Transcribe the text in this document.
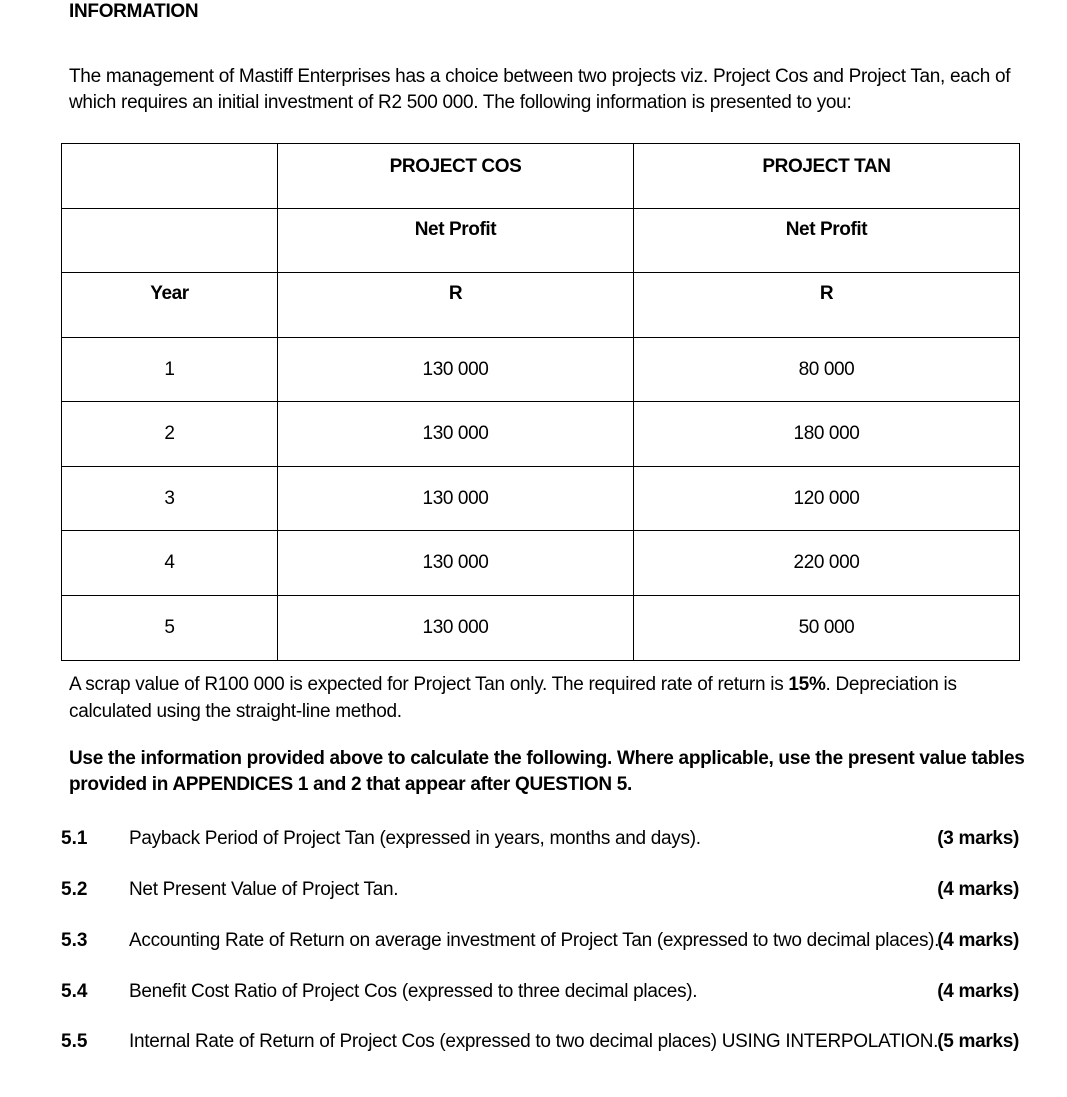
INFORMATION
The management of Mastiff Enterprises has a choice between two projects viz. Project Cos and Project Tan, each of which requires an initial investment of R2 500 000. The following information is presented to you:
	PROJECT COS	PROJECT TAN
	Net Profit	Net Profit
Year	R	R
1	130 000	80 000
2	130 000	180 000
3	130 000	120 000
4	130 000	220 000
5	130 000	50 000
A scrap value of R100 000 is expected for Project Tan only. The required rate of return is 15%. Depreciation is calculated using the straight-line method.
Use the information provided above to calculate the following. Where applicable, use the present value tables provided in APPENDICES 1 and 2 that appear after QUESTION 5.
5.1 Payback Period of Project Tan (expressed in years, months and days).	(3 marks)
5.2 Net Present Value of Project Tan.	(4 marks)
5.3 Accounting Rate of Return on average investment of Project Tan (expressed to two decimal places).
(4 marks)
5.4 Benefit Cost Ratio of Project Cos (expressed to three decimal places).	(4 marks)
5.5 Internal Rate of Return of Project Cos (expressed to two decimal places) USING INTERPOLATION. (5 marks)
